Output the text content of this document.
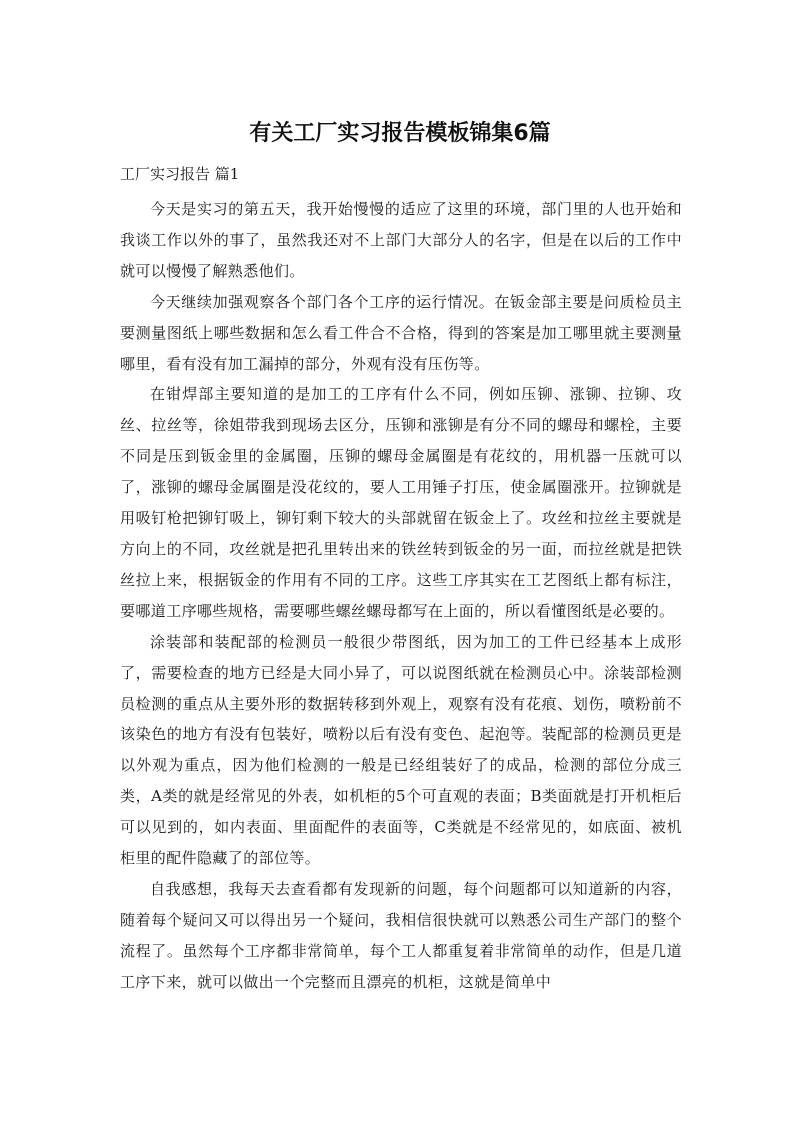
有关工厂实习报告模板锦集6篇

工厂实习报告 篇1

今天是实习的第五天，我开始慢慢的适应了这里的环境，部门里的人也开始和我谈工作以外的事了，虽然我还对不上部门大部分人的名字，但是在以后的工作中就可以慢慢了解熟悉他们。

今天继续加强观察各个部门各个工序的运行情况。在钣金部主要是问质检员主要测量图纸上哪些数据和怎么看工件合不合格，得到的答案是加工哪里就主要测量哪里，看有没有加工漏掉的部分，外观有没有压伤等。

在钳焊部主要知道的是加工的工序有什么不同，例如压铆、涨铆、拉铆、攻丝、拉丝等，徐姐带我到现场去区分，压铆和涨铆是有分不同的螺母和螺栓，主要不同是压到钣金里的金属圈，压铆的螺母金属圈是有花纹的，用机器一压就可以了，涨铆的螺母金属圈是没花纹的，要人工用锤子打压，使金属圈涨开。拉铆就是用吸钉枪把铆钉吸上，铆钉剩下较大的头部就留在钣金上了。攻丝和拉丝主要就是方向上的不同，攻丝就是把孔里转出来的铁丝转到钣金的另一面，而拉丝就是把铁丝拉上来，根据钣金的作用有不同的工序。这些工序其实在工艺图纸上都有标注，要哪道工序哪些规格，需要哪些螺丝螺母都写在上面的，所以看懂图纸是必要的。

涂装部和装配部的检测员一般很少带图纸，因为加工的工件已经基本上成形了，需要检查的地方已经是大同小异了，可以说图纸就在检测员心中。涂装部检测员检测的重点从主要外形的数据转移到外观上，观察有没有花痕、划伤，喷粉前不该染色的地方有没有包装好，喷粉以后有没有变色、起泡等。装配部的检测员更是以外观为重点，因为他们检测的一般是已经组装好了的成品，检测的部位分成三类，A类的就是经常见的外表，如机柜的5个可直观的表面；B类面就是打开机柜后可以见到的，如内表面、里面配件的表面等，C类就是不经常见的，如底面、被机柜里的配件隐藏了的部位等。

自我感想，我每天去查看都有发现新的问题，每个问题都可以知道新的内容，随着每个疑问又可以得出另一个疑问，我相信很快就可以熟悉公司生产部门的整个流程了。虽然每个工序都非常简单，每个工人都重复着非常简单的动作，但是几道工序下来，就可以做出一个完整而且漂亮的机柜，这就是简单中
